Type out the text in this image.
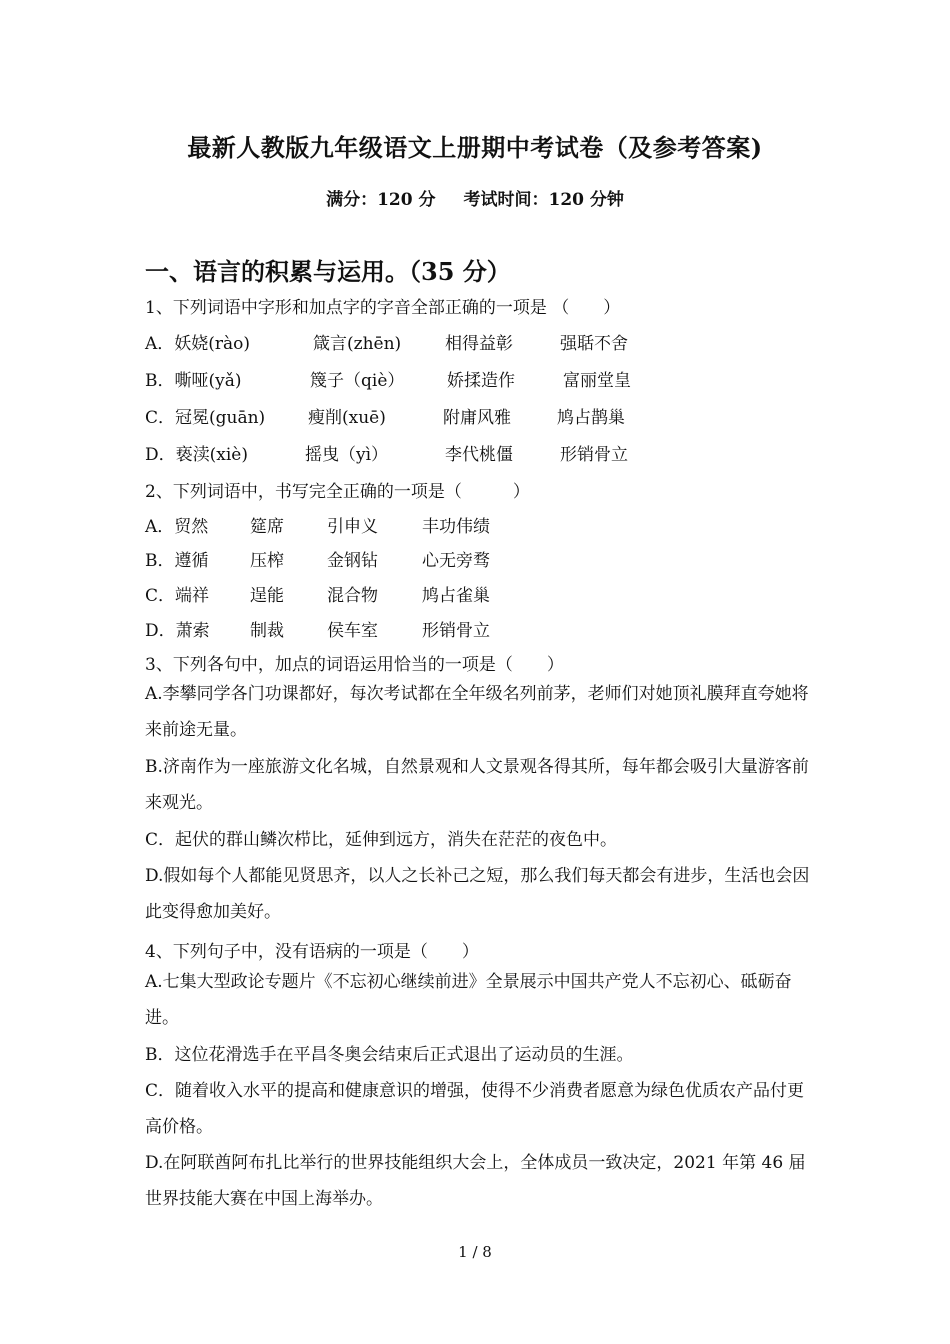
最新人教版九年级语文上册期中考试卷（及参考答案)
满分：120 分 考试时间：120 分钟
一、语言的积累与运用。（35 分）
1、下列词语中字形和加点字的字音全部正确的一项是 （　　）
A．妖娆(rào)	箴言(zhēn)	相得益彰	强聒不舍
B．嘶哑(yǎ)	篾子（qiè）	娇揉造作	富丽堂皇
C．冠冕(guān)	瘦削(xuē)	附庸风雅	鸠占鹊巢
D．亵渎(xiè)	摇曳（yì）	李代桃僵	形销骨立
2、下列词语中，书写完全正确的一项是（　　　）
A．贸然 筵席	引申义	丰功伟绩
B．遵循 压榨	金钢钻	心无旁骛
C．端祥 逞能	混合物	鸠占雀巢
D．萧索 制裁	侯车室	形销骨立
3、下列各句中，加点的词语运用恰当的一项是（　　）
A.李攀同学各门功课都好，每次考试都在全年级名列前茅，老师们对她顶礼膜拜直夸她将来前途无量。
B.济南作为一座旅游文化名城，自然景观和人文景观各得其所，每年都会吸引大量游客前来观光。
C．起伏的群山鳞次栉比，延伸到远方，消失在茫茫的夜色中。
D.假如每个人都能见贤思齐，以人之长补己之短，那么我们每天都会有进步，生活也会因此变得愈加美好。
4、下列句子中，没有语病的一项是（　　）
A.七集大型政论专题片《不忘初心继续前进》全景展示中国共产党人不忘初心、砥砺奋进。
B．这位花滑选手在平昌冬奥会结束后正式退出了运动员的生涯。
C．随着收入水平的提高和健康意识的增强，使得不少消费者愿意为绿色优质农产品付更高价格。
D.在阿联酋阿布扎比举行的世界技能组织大会上，全体成员一致决定，2021 年第 46 届世界技能大赛在中国上海举办。
1 / 8
